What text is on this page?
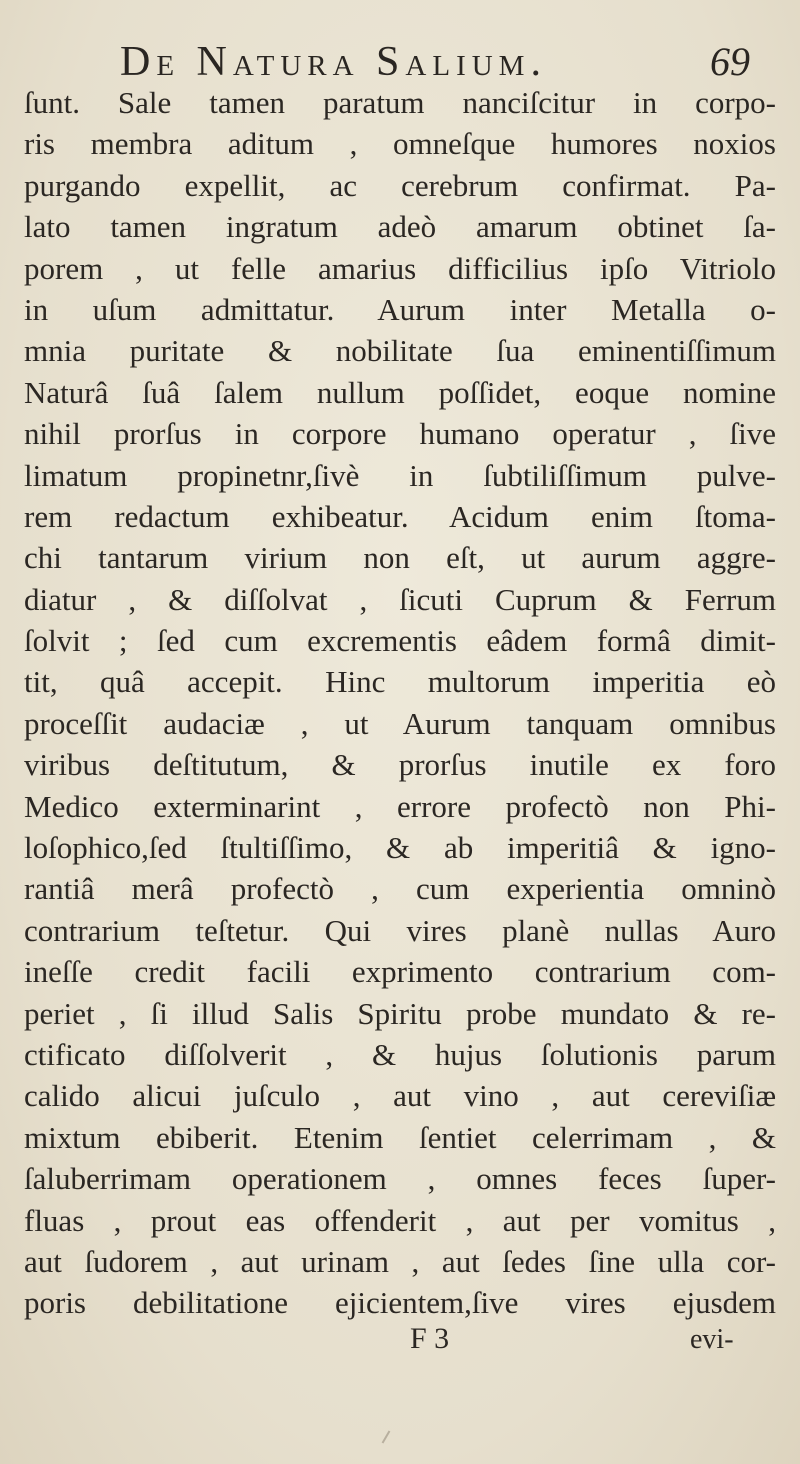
De Natura Salium.	69
ſunt. Sale tamen paratum nanciſcitur in corpo-
ris membra aditum , omneſque humores noxios
purgando expellit, ac cerebrum confirmat. Pa-
lato tamen ingratum adeò amarum obtinet ſa-
porem , ut felle amarius difficilius ipſo Vitriolo
in uſum admittatur. Aurum inter Metalla o-
mnia puritate & nobilitate ſua eminentiſſimum
Naturâ ſuâ ſalem nullum poſſidet, eoque nomine
nihil prorſus in corpore humano operatur , ſive
limatum propinetnr,ſivè in ſubtiliſſimum pulve-
rem redactum exhibeatur. Acidum enim ſtoma-
chi tantarum virium non eſt, ut aurum aggre-
diatur , & diſſolvat , ſicuti Cuprum & Ferrum
ſolvit ; ſed cum excrementis eâdem formâ dimit-
tit, quâ accepit. Hinc multorum imperitia eò
proceſſit audaciæ , ut Aurum tanquam omnibus
viribus deſtitutum, & prorſus inutile ex foro
Medico exterminarint , errore profectò non Phi-
loſophico,ſed ſtultiſſimo, & ab imperitiâ & igno-
rantiâ merâ profectò , cum experientia omninò
contrarium teſtetur. Qui vires planè nullas Auro
ineſſe credit facili exprimento contrarium com-
periet , ſi illud Salis Spiritu probe mundato & re-
ctificato diſſolverit , & hujus ſolutionis parum
calido alicui juſculo , aut vino , aut cereviſiæ
mixtum ebiberit. Etenim ſentiet celerrimam , &
ſaluberrimam operationem , omnes feces ſuper-
fluas , prout eas offenderit , aut per vomitus ,
aut ſudorem , aut urinam , aut ſedes ſine ulla cor-
poris debilitatione ejicientem,ſive vires ejusdem
F 3	evi-
